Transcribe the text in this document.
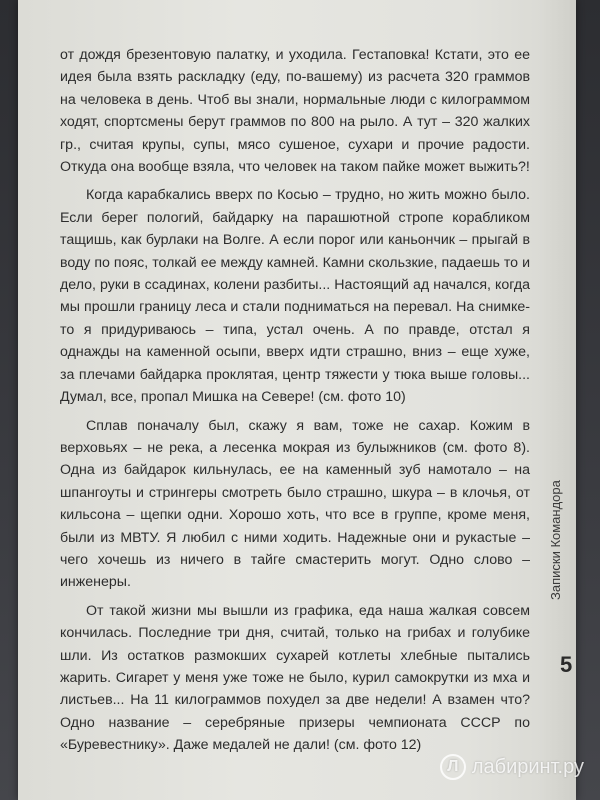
от дождя брезентовую палатку, и уходила. Гестаповка! Кстати, это ее идея была взять раскладку (еду, по-вашему) из расчета 320 граммов на человека в день. Чтоб вы знали, нормальные люди с килограммом ходят, спортсмены берут граммов по 800 на рыло. А тут – 320 жалких гр., считая крупы, супы, мясо сушеное, сухари и прочие радости. Откуда она вообще взяла, что человек на таком пайке может выжить?!

Когда карабкались вверх по Косью – трудно, но жить можно было. Если берег пологий, байдарку на парашютной стропе корабликом тащишь, как бурлаки на Волге. А если порог или каньончик – прыгай в воду по пояс, толкай ее между камней. Камни скользкие, падаешь то и дело, руки в ссадинах, колени разбиты... Настоящий ад начался, когда мы прошли границу леса и стали подниматься на перевал. На снимке-то я придуриваюсь – типа, устал очень. А по правде, отстал я однажды на каменной осыпи, вверх идти страшно, вниз – еще хуже, за плечами байдарка проклятая, центр тяжести у тюка выше головы... Думал, все, пропал Мишка на Севере! (см. фото 10)

Сплав поначалу был, скажу я вам, тоже не сахар. Кожим в верховьях – не река, а лесенка мокрая из булыжников (см. фото 8). Одна из байдарок кильнулась, ее на каменный зуб намотало – на шпангоуты и стрингеры смотреть было страшно, шкура – в клочья, от кильсона – щепки одни. Хорошо хоть, что все в группе, кроме меня, были из МВТУ. Я любил с ними ходить. Надежные они и рукастые – чего хочешь из ничего в тайге смастерить могут. Одно слово – инженеры.

От такой жизни мы вышли из графика, еда наша жалкая совсем кончилась. Последние три дня, считай, только на грибах и голубике шли. Из остатков размокших сухарей котлеты хлебные пытались жарить. Сигарет у меня уже тоже не было, курил самокрутки из мха и листьев... На 11 килограммов похудел за две недели! А взамен что? Одно название – серебряные призеры чемпионата СССР по «Буревестнику». Даже медалей не дали! (см. фото 12)

Записки Командора
5
Л лабиринт.ру
